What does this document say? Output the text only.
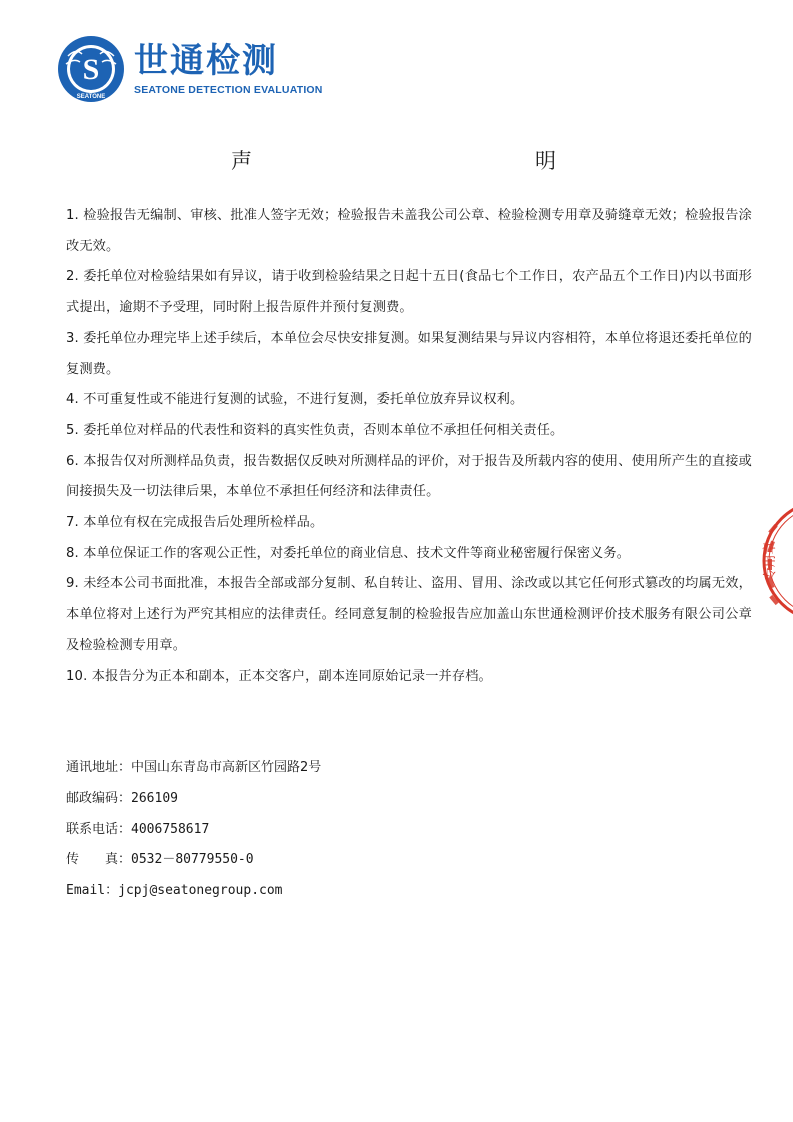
S
SEATONE
世通检测
SEATONE DETECTION EVALUATION
声	明
1. 检验报告无编制、审核、批准人签字无效；检验报告未盖我公司公章、检验检测专用章及骑缝章无效；检验报告涂改无效。
2. 委托单位对检验结果如有异议，请于收到检验结果之日起十五日(食品七个工作日，农产品五个工作日)内以书面形式提出，逾期不予受理，同时附上报告原件并预付复测费。
3. 委托单位办理完毕上述手续后，本单位会尽快安排复测。如果复测结果与异议内容相符，本单位将退还委托单位的复测费。
4. 不可重复性或不能进行复测的试验，不进行复测，委托单位放弃异议权利。
5. 委托单位对样品的代表性和资料的真实性负责，否则本单位不承担任何相关责任。
6. 本报告仅对所测样品负责，报告数据仅反映对所测样品的评价，对于报告及所载内容的使用、使用所产生的直接或间接损失及一切法律后果，本单位不承担任何经济和法律责任。
7. 本单位有权在完成报告后处理所检样品。
8. 本单位保证工作的客观公正性，对委托单位的商业信息、技术文件等商业秘密履行保密义务。
9. 未经本公司书面批准，本报告全部或部分复制、私自转让、盗用、冒用、涂改或以其它任何形式篡改的均属无效，本单位将对上述行为严究其相应的法律责任。经同意复制的检验报告应加盖山东世通检测评价技术服务有限公司公章及检验检测专用章。
10. 本报告分为正本和副本，正本交客户，副本连同原始记录一并存档。
通讯地址：中国山东青岛市高新区竹园路2号
邮政编码：266109
联系电话：4006758617
传　　真：0532－80779550-0
Email：jcpj@seatonegroup.com
专用章
